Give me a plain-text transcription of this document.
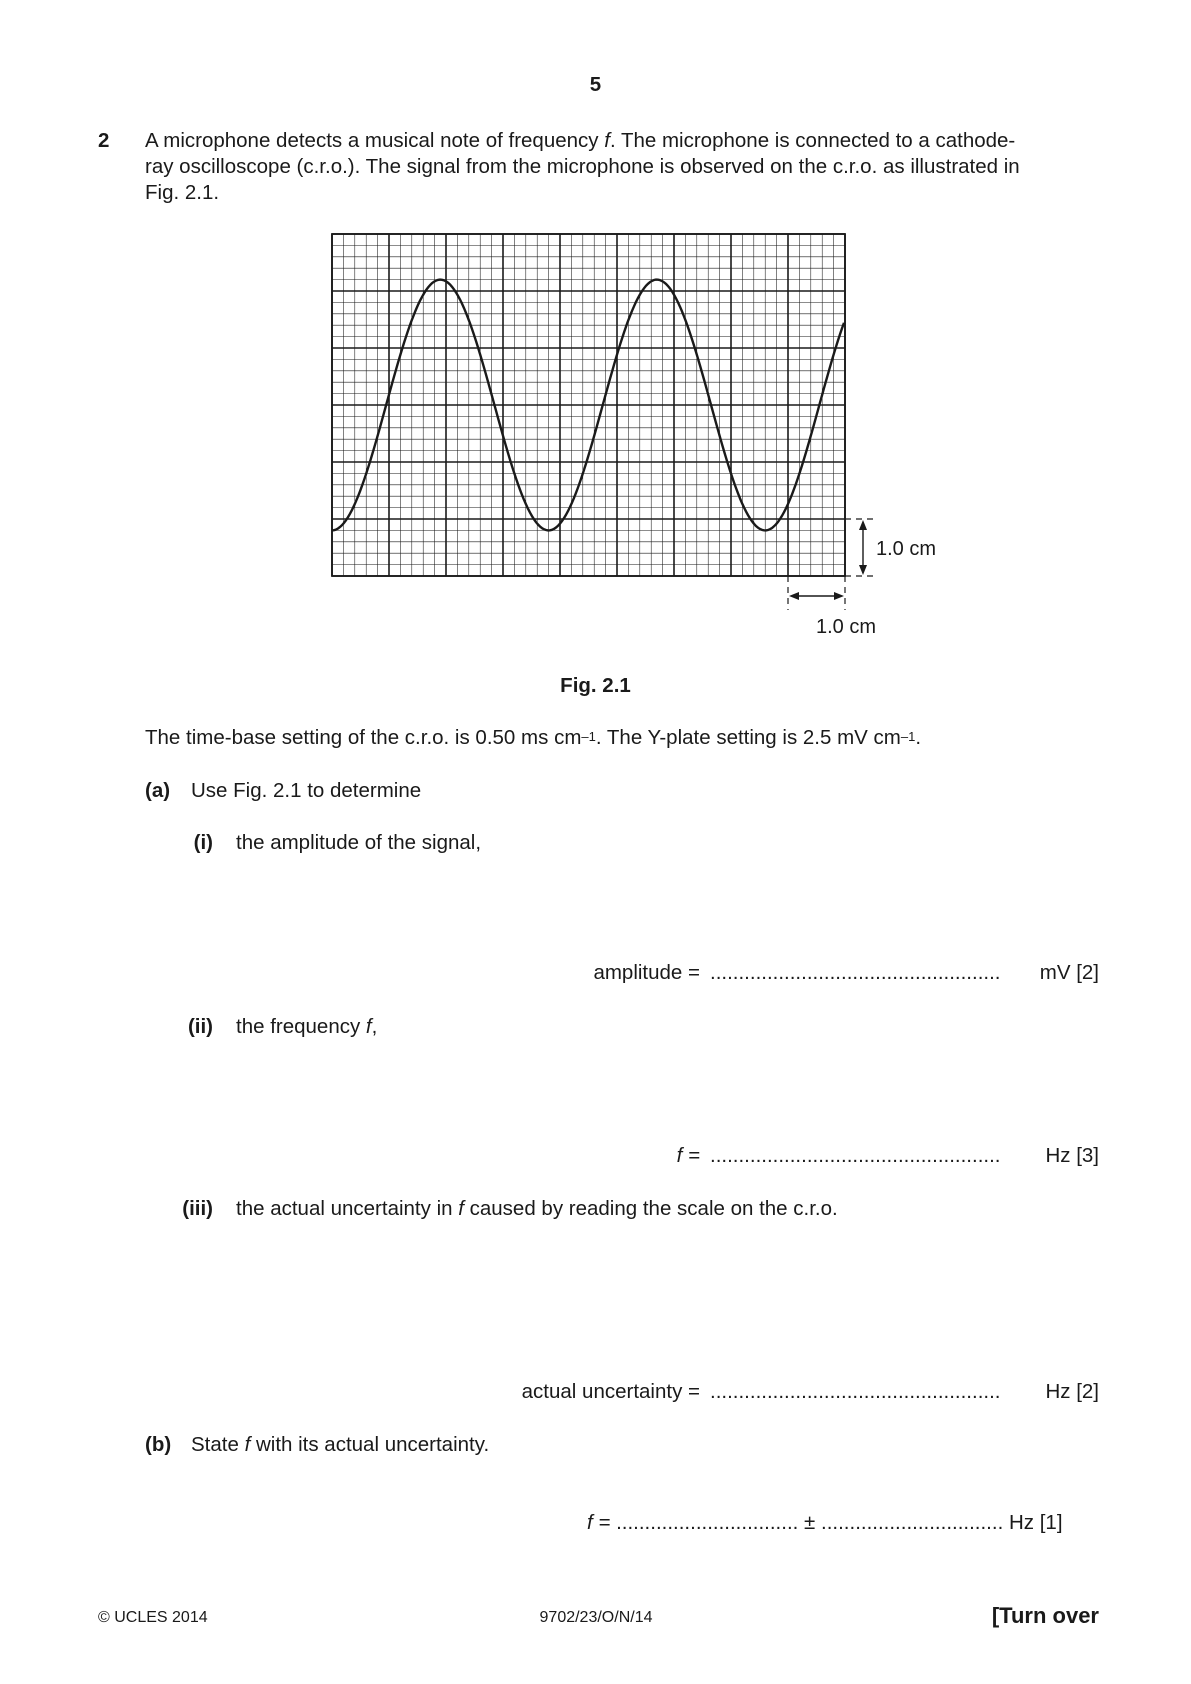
5
2 A microphone detects a musical note of frequency f. The microphone is connected to a cathode-
ray oscilloscope (c.r.o.). The signal from the microphone is observed on the c.r.o. as illustrated in
Fig. 2.1.
1.0 cm
1.0 cm
Fig. 2.1
The time-base setting of the c.r.o. is 0.50 ms $cm^{-1}$. The Y-plate setting is 2.5 mV $cm^{-1}$.
(a) Use Fig. 2.1 to determine
(i) the amplitude of the signal,
amplitude = ...................................................	mV [2]
(ii) the frequency f,
f = ...................................................	Hz [3]
(iii) the actual uncertainty in f caused by reading the scale on the c.r.o.
actual uncertainty = ...................................................	Hz [2]
(b) State f with its actual uncertainty.
f = ................................ ± ................................ Hz [1]
© UCLES 2014	9702/23/O/N/14	[Turn over
